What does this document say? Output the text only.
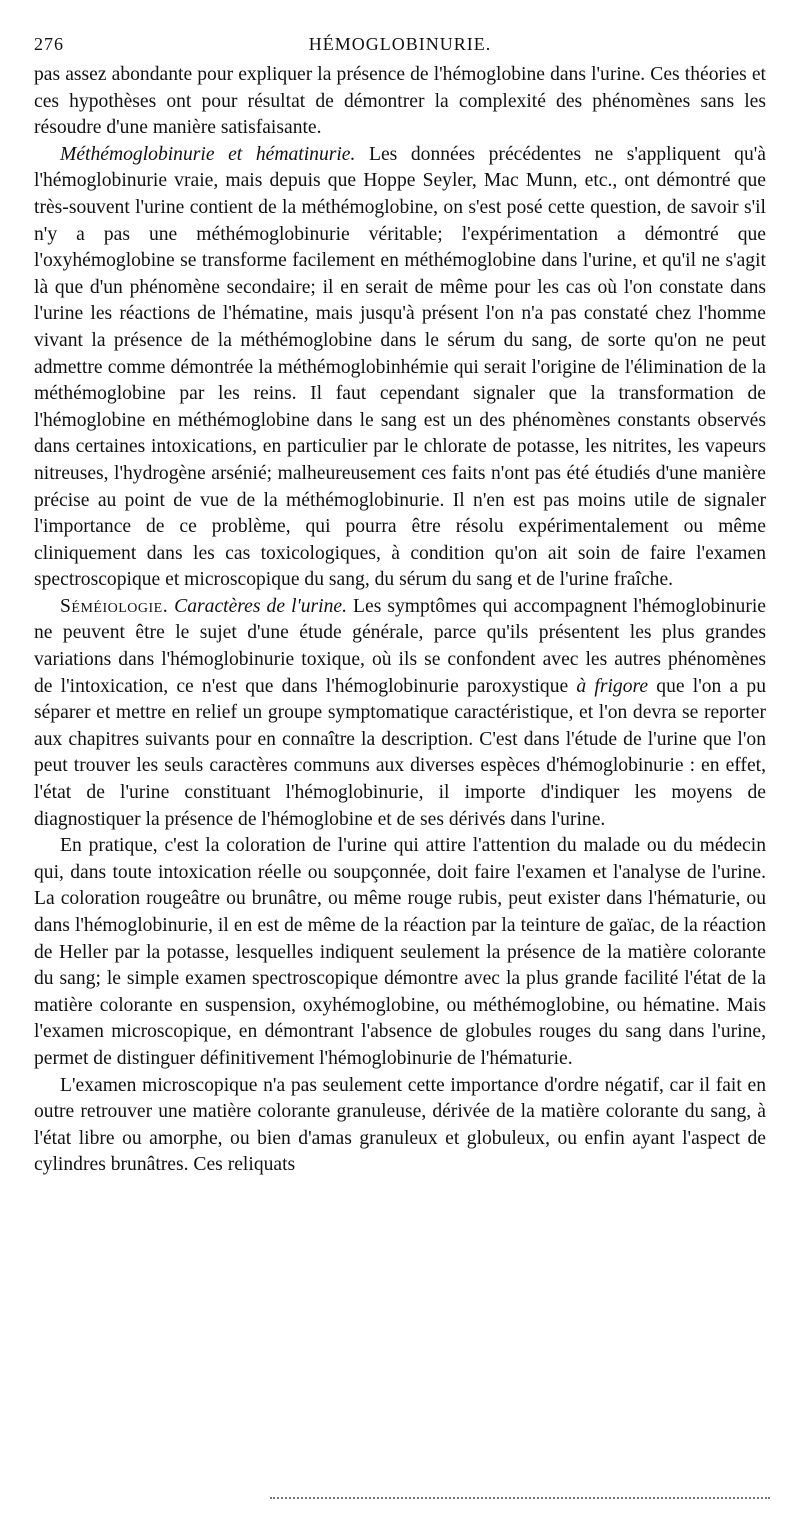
276	HÉMOGLOBINURIE.

pas assez abondante pour expliquer la présence de l'hémoglobine dans l'urine. Ces théories et ces hypothèses ont pour résultat de démontrer la complexité des phénomènes sans les résoudre d'une manière satisfaisante.

Méthémoglobinurie et hématinurie. Les données précédentes ne s'appliquent qu'à l'hémoglobinurie vraie, mais depuis que Hoppe Seyler, Mac Munn, etc., ont démontré que très-souvent l'urine contient de la méthémoglobine, on s'est posé cette question, de savoir s'il n'y a pas une méthémoglobinurie véritable; l'expérimentation a démontré que l'oxyhémoglobine se transforme facilement en méthémoglobine dans l'urine, et qu'il ne s'agit là que d'un phénomène secondaire; il en serait de même pour les cas où l'on constate dans l'urine les réactions de l'hématine, mais jusqu'à présent l'on n'a pas constaté chez l'homme vivant la présence de la méthémoglobine dans le sérum du sang, de sorte qu'on ne peut admettre comme démontrée la méthémoglobinhémie qui serait l'origine de l'élimination de la méthémoglobine par les reins. Il faut cependant signaler que la transformation de l'hémoglobine en méthémoglobine dans le sang est un des phénomènes constants observés dans certaines intoxications, en particulier par le chlorate de potasse, les nitrites, les vapeurs nitreuses, l'hydrogène arsénié; malheureusement ces faits n'ont pas été étudiés d'une manière précise au point de vue de la méthémoglobinurie. Il n'en est pas moins utile de signaler l'importance de ce problème, qui pourra être résolu expérimentalement ou même cliniquement dans les cas toxicologiques, à condition qu'on ait soin de faire l'examen spectroscopique et microscopique du sang, du sérum du sang et de l'urine fraîche.

Séméiologie. Caractères de l'urine. Les symptômes qui accompagnent l'hémoglobinurie ne peuvent être le sujet d'une étude générale, parce qu'ils présentent les plus grandes variations dans l'hémoglobinurie toxique, où ils se confondent avec les autres phénomènes de l'intoxication, ce n'est que dans l'hémoglobinurie paroxystique à frigore que l'on a pu séparer et mettre en relief un groupe symptomatique caractéristique, et l'on devra se reporter aux chapitres suivants pour en connaître la description. C'est dans l'étude de l'urine que l'on peut trouver les seuls caractères communs aux diverses espèces d'hémoglobinurie : en effet, l'état de l'urine constituant l'hémoglobinurie, il importe d'indiquer les moyens de diagnostiquer la présence de l'hémoglobine et de ses dérivés dans l'urine.

En pratique, c'est la coloration de l'urine qui attire l'attention du malade ou du médecin qui, dans toute intoxication réelle ou soupçonnée, doit faire l'examen et l'analyse de l'urine. La coloration rougeâtre ou brunâtre, ou même rouge rubis, peut exister dans l'hématurie, ou dans l'hémoglobinurie, il en est de même de la réaction par la teinture de gaïac, de la réaction de Heller par la potasse, lesquelles indiquent seulement la présence de la matière colorante du sang; le simple examen spectroscopique démontre avec la plus grande facilité l'état de la matière colorante en suspension, oxyhémoglobine, ou méthémoglobine, ou hématine. Mais l'examen microscopique, en démontrant l'absence de globules rouges du sang dans l'urine, permet de distinguer définitivement l'hémoglobinurie de l'hématurie.

L'examen microscopique n'a pas seulement cette importance d'ordre négatif, car il fait en outre retrouver une matière colorante granuleuse, dérivée de la matière colorante du sang, à l'état libre ou amorphe, ou bien d'amas granuleux et globuleux, ou enfin ayant l'aspect de cylindres brunâtres. Ces reliquats
